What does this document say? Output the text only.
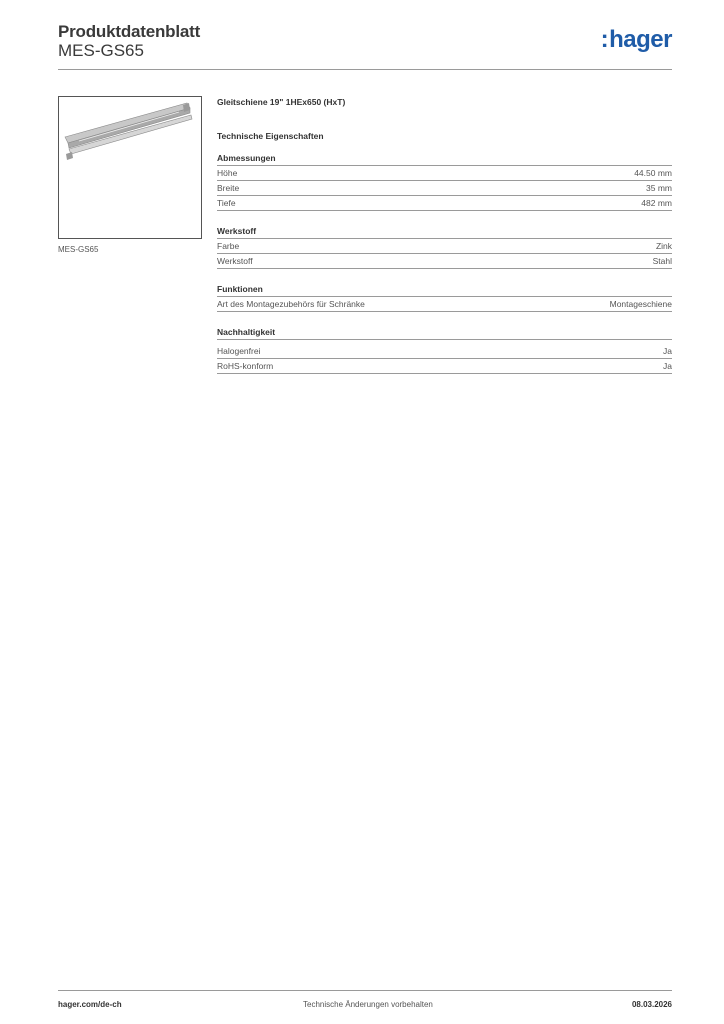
Produktdatenblatt
MES-GS65	:hager
MES-GS65
Gleitschiene 19" 1HEx650 (HxT)
Technische Eigenschaften
Abmessungen
Höhe	44.50 mm
Breite	35 mm
Tiefe	482 mm
Werkstoff
Farbe	Zink
Werkstoff	Stahl
Funktionen
Art des Montagezubehörs für Schränke	Montageschiene
Nachhaltigkeit
Halogenfrei	Ja
RoHS-konform	Ja
hager.com/de-ch	Technische Änderungen vorbehalten	08.03.2026
